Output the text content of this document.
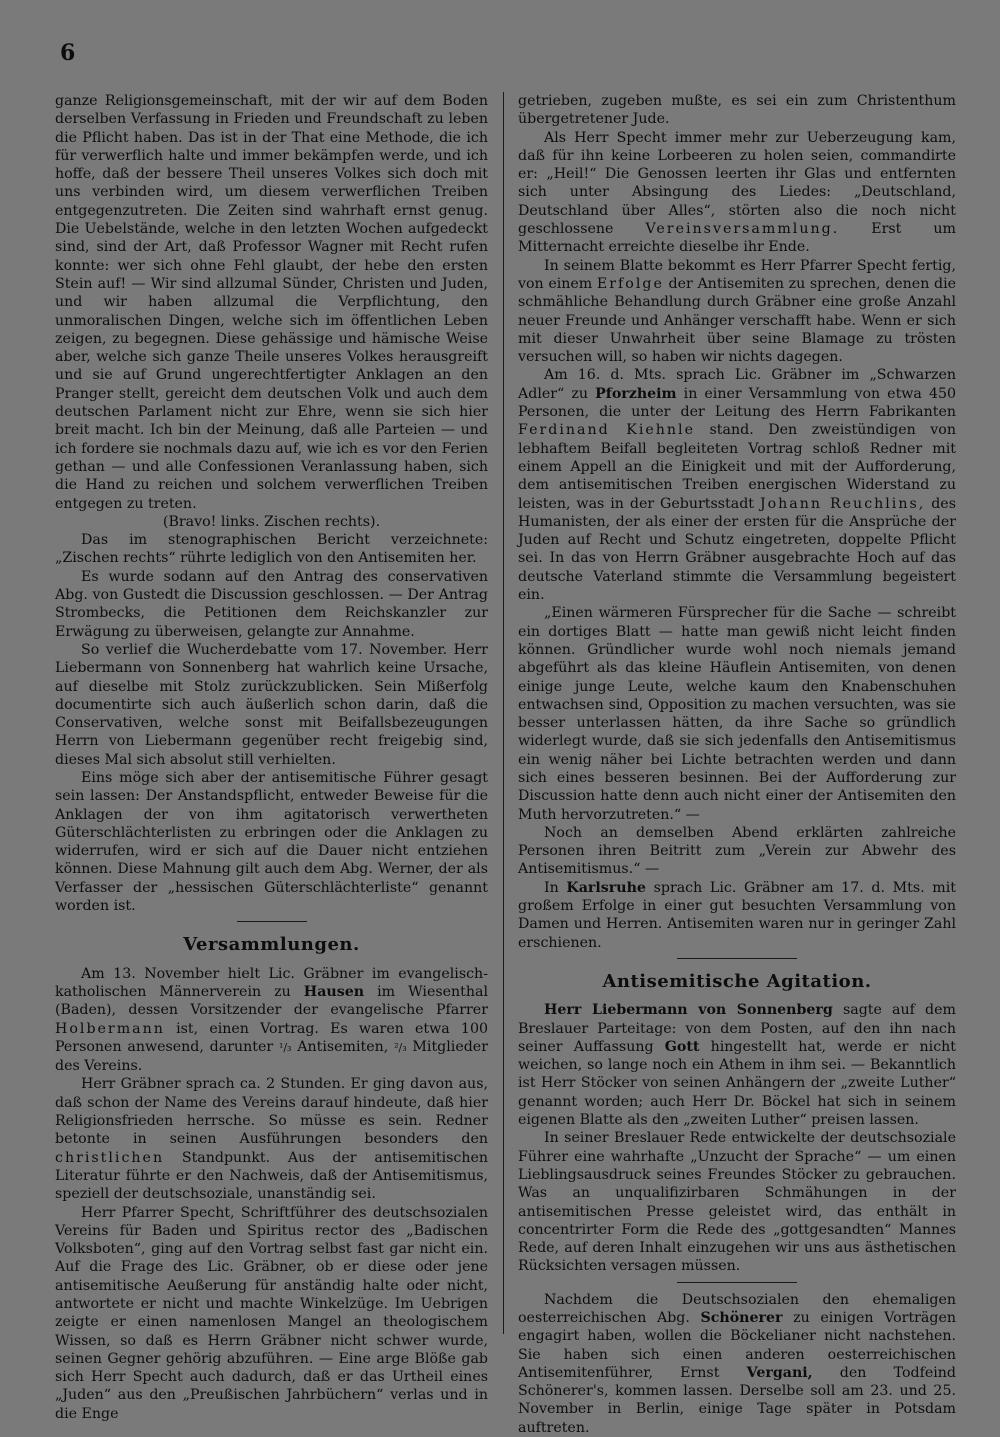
6

ganze Religionsgemeinschaft, mit der wir auf dem Boden derselben Verfassung in Frieden und Freundschaft zu leben die Pflicht haben. Das ist in der That eine Methode, die ich für verwerflich halte und immer bekämpfen werde, und ich hoffe, daß der bessere Theil unseres Volkes sich doch mit uns verbinden wird, um diesem verwerflichen Treiben entgegenzutreten. Die Zeiten sind wahrhaft ernst genug. Die Uebelstände, welche in den letzten Wochen aufgedeckt sind, sind der Art, daß Professor Wagner mit Recht rufen konnte: wer sich ohne Fehl glaubt, der hebe den ersten Stein auf! — Wir sind allzumal Sünder, Christen und Juden, und wir haben allzumal die Verpflichtung, den unmoralischen Dingen, welche sich im öffentlichen Leben zeigen, zu begegnen. Diese gehässige und hämische Weise aber, welche sich ganze Theile unseres Volkes herausgreift und sie auf Grund ungerechtfertigter Anklagen an den Pranger stellt, gereicht dem deutschen Volk und auch dem deutschen Parlament nicht zur Ehre, wenn sie sich hier breit macht. Ich bin der Meinung, daß alle Parteien — und ich fordere sie nochmals dazu auf, wie ich es vor den Ferien gethan — und alle Confessionen Veranlassung haben, sich die Hand zu reichen und solchem verwerflichen Treiben entgegen zu treten.

(Bravo! links. Zischen rechts).

Das im stenographischen Bericht verzeichnete: „Zischen rechts“ rührte lediglich von den Antisemiten her.

Es wurde sodann auf den Antrag des conservativen Abg. von Gustedt die Discussion geschlossen. — Der Antrag Strombecks, die Petitionen dem Reichskanzler zur Erwägung zu überweisen, gelangte zur Annahme.

So verlief die Wucherdebatte vom 17. November. Herr Liebermann von Sonnenberg hat wahrlich keine Ursache, auf dieselbe mit Stolz zurückzublicken. Sein Mißerfolg documentirte sich auch äußerlich schon darin, daß die Conservativen, welche sonst mit Beifallsbezeugungen Herrn von Liebermann gegenüber recht freigebig sind, dieses Mal sich absolut still verhielten.

Eins möge sich aber der antisemitische Führer gesagt sein lassen: Der Anstandspflicht, entweder Beweise für die Anklagen der von ihm agitatorisch verwertheten Güterschlächterlisten zu erbringen oder die Anklagen zu widerrufen, wird er sich auf die Dauer nicht entziehen können. Diese Mahnung gilt auch dem Abg. Werner, der als Verfasser der „hessischen Güterschlächterliste“ genannt worden ist.

Versammlungen.

Am 13. November hielt Lic. Gräbner im evangelisch-katholischen Männerverein zu Hausen im Wiesenthal (Baden), dessen Vorsitzender der evangelische Pfarrer Holbermann ist, einen Vortrag. Es waren etwa 100 Personen anwesend, darunter ¹/₃ Antisemiten, ²/₃ Mitglieder des Vereins.

Herr Gräbner sprach ca. 2 Stunden. Er ging davon aus, daß schon der Name des Vereins darauf hindeute, daß hier Religionsfrieden herrsche. So müsse es sein. Redner betonte in seinen Ausführungen besonders den christlichen Standpunkt. Aus der antisemitischen Literatur führte er den Nachweis, daß der Antisemitismus, speziell der deutschsoziale, unanständig sei.

Herr Pfarrer Specht, Schriftführer des deutschsozialen Vereins für Baden und Spiritus rector des „Badischen Volksboten“, ging auf den Vortrag selbst fast gar nicht ein. Auf die Frage des Lic. Gräbner, ob er diese oder jene antisemitische Aeußerung für anständig halte oder nicht, antwortete er nicht und machte Winkelzüge. Im Uebrigen zeigte er einen namenlosen Mangel an theologischem Wissen, so daß es Herrn Gräbner nicht schwer wurde, seinen Gegner gehörig abzuführen. — Eine arge Blöße gab sich Herr Specht auch dadurch, daß er das Urtheil eines „Juden“ aus den „Preußischen Jahrbüchern“ verlas und in die Enge

getrieben, zugeben mußte, es sei ein zum Christenthum übergetretener Jude.

Als Herr Specht immer mehr zur Ueberzeugung kam, daß für ihn keine Lorbeeren zu holen seien, commandirte er: „Heil!“ Die Genossen leerten ihr Glas und entfernten sich unter Absingung des Liedes: „Deutschland, Deutschland über Alles“, störten also die noch nicht geschlossene Vereinsversammlung. Erst um Mitternacht erreichte dieselbe ihr Ende.

In seinem Blatte bekommt es Herr Pfarrer Specht fertig, von einem Erfolge der Antisemiten zu sprechen, denen die schmähliche Behandlung durch Gräbner eine große Anzahl neuer Freunde und Anhänger verschafft habe. Wenn er sich mit dieser Unwahrheit über seine Blamage zu trösten versuchen will, so haben wir nichts dagegen.

Am 16. d. Mts. sprach Lic. Gräbner im „Schwarzen Adler“ zu Pforzheim in einer Versammlung von etwa 450 Personen, die unter der Leitung des Herrn Fabrikanten Ferdinand Kiehnle stand. Den zweistündigen von lebhaftem Beifall begleiteten Vortrag schloß Redner mit einem Appell an die Einigkeit und mit der Aufforderung, dem antisemitischen Treiben energischen Widerstand zu leisten, was in der Geburtsstadt Johann Reuchlins, des Humanisten, der als einer der ersten für die Ansprüche der Juden auf Recht und Schutz eingetreten, doppelte Pflicht sei. In das von Herrn Gräbner ausgebrachte Hoch auf das deutsche Vaterland stimmte die Versammlung begeistert ein.

„Einen wärmeren Fürsprecher für die Sache — schreibt ein dortiges Blatt — hatte man gewiß nicht leicht finden können. Gründlicher wurde wohl noch niemals jemand abgeführt als das kleine Häuflein Antisemiten, von denen einige junge Leute, welche kaum den Knabenschuhen entwachsen sind, Opposition zu machen versuchten, was sie besser unterlassen hätten, da ihre Sache so gründlich widerlegt wurde, daß sie sich jedenfalls den Antisemitismus ein wenig näher bei Lichte betrachten werden und dann sich eines besseren besinnen. Bei der Aufforderung zur Discussion hatte denn auch nicht einer der Antisemiten den Muth hervorzutreten.“ —

Noch an demselben Abend erklärten zahlreiche Personen ihren Beitritt zum „Verein zur Abwehr des Antisemitismus.“ —

In Karlsruhe sprach Lic. Gräbner am 17. d. Mts. mit großem Erfolge in einer gut besuchten Versammlung von Damen und Herren. Antisemiten waren nur in geringer Zahl erschienen.

Antisemitische Agitation.

Herr Liebermann von Sonnenberg sagte auf dem Breslauer Parteitage: von dem Posten, auf den ihn nach seiner Auffassung Gott hingestellt hat, werde er nicht weichen, so lange noch ein Athem in ihm sei. — Bekanntlich ist Herr Stöcker von seinen Anhängern der „zweite Luther“ genannt worden; auch Herr Dr. Böckel hat sich in seinem eigenen Blatte als den „zweiten Luther“ preisen lassen.

In seiner Breslauer Rede entwickelte der deutschsoziale Führer eine wahrhafte „Unzucht der Sprache“ — um einen Lieblingsausdruck seines Freundes Stöcker zu gebrauchen. Was an unqualifizirbaren Schmähungen in der antisemitischen Presse geleistet wird, das enthält in concentrirter Form die Rede des „gottgesandten“ Mannes Rede, auf deren Inhalt einzugehen wir uns aus ästhetischen Rücksichten versagen müssen.

Nachdem die Deutschsozialen den ehemaligen oesterreichischen Abg. Schönerer zu einigen Vorträgen engagirt haben, wollen die Böckelianer nicht nachstehen. Sie haben sich einen anderen oesterreichischen Antisemitenführer, Ernst Vergani, den Todfeind Schönerer's, kommen lassen. Derselbe soll am 23. und 25. November in Berlin, einige Tage später in Potsdam auftreten.
